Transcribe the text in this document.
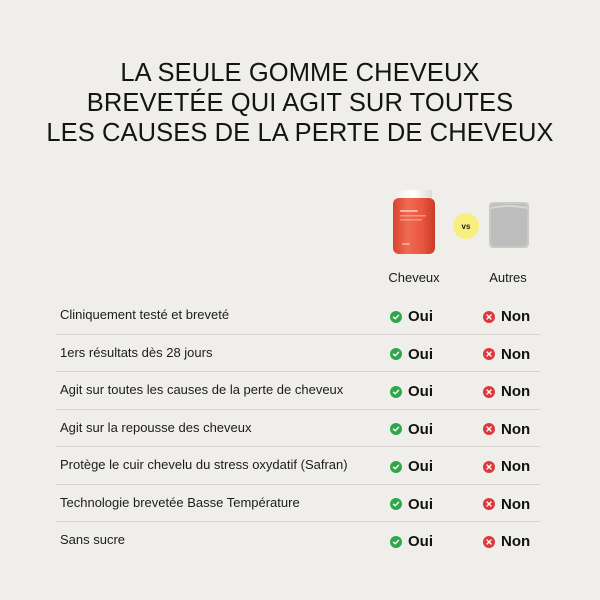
LA SEULE GOMME CHEVEUX
BREVETÉE QUI AGIT SUR TOUTES
LES CAUSES DE LA PERTE DE CHEVEUX
vs
Cheveux	Autres
Cliniquement testé et breveté	Oui	Non
1ers résultats dès 28 jours	Oui	Non
Agit sur toutes les causes de la perte de cheveux	Oui	Non
Agit sur la repousse des cheveux	Oui	Non
Protège le cuir chevelu du stress oxydatif (Safran)	Oui	Non
Technologie brevetée Basse Température	Oui	Non
Sans sucre	Oui	Non
